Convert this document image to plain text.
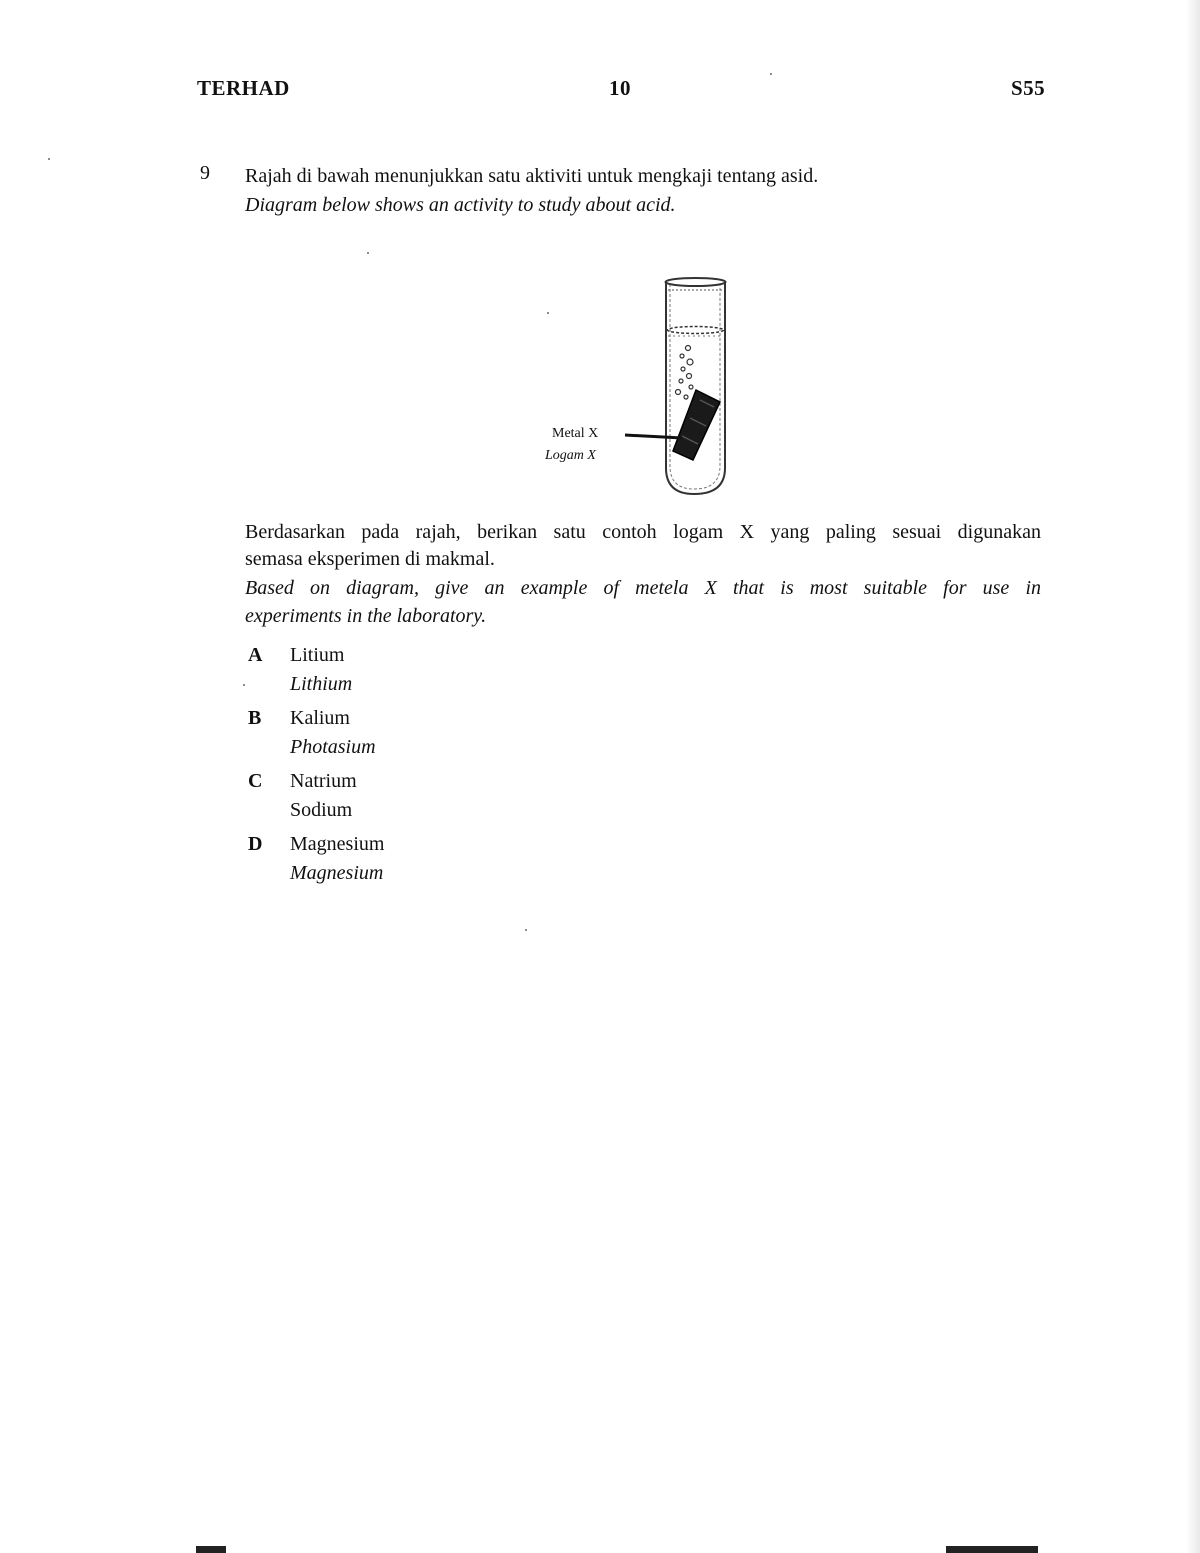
TERHAD	10	S55
9 Rajah di bawah menunjukkan satu aktiviti untuk mengkaji tentang asid.
Diagram below shows an activity to study about acid.
Metal X
Logam X
Berdasarkan pada rajah, berikan satu contoh logam X yang paling sesuai digunakan
semasa eksperimen di makmal.
Based on diagram, give an example of metela X that is most suitable for use in
experiments in the laboratory.
A Litium
Lithium
B Kalium
Photasium
C Natrium
Sodium
D Magnesium
Magnesium
